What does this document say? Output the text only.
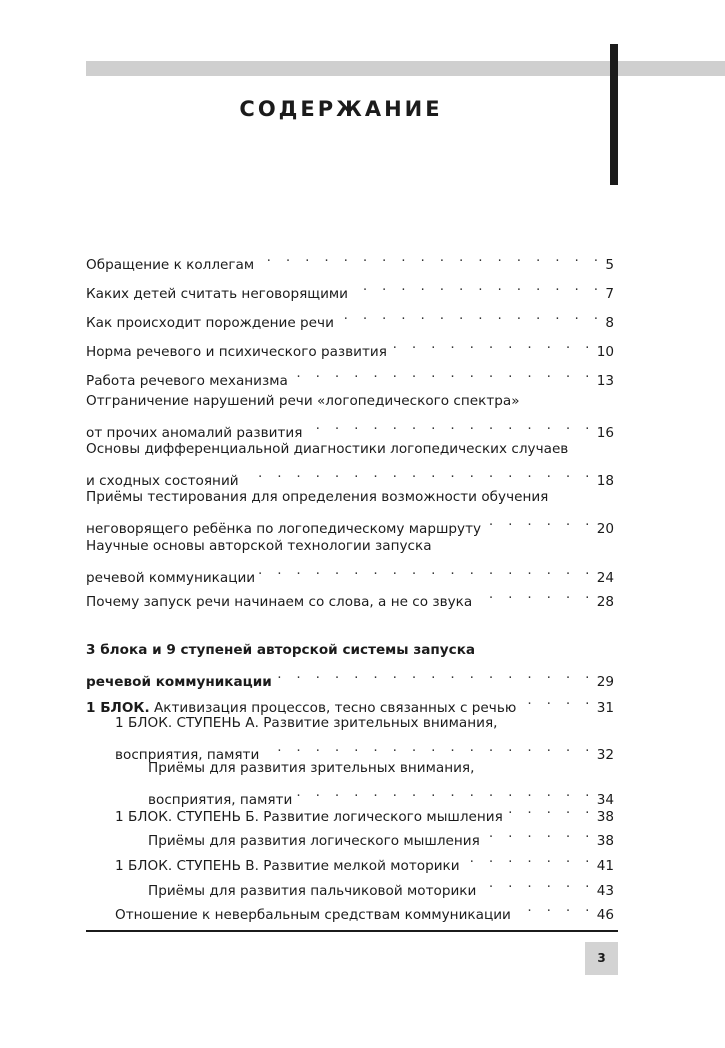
СОДЕРЖАНИЕ
Обращение к коллегам . . .	5
Каких детей считать неговорящими . . .	7
Как происходит порождение речи . . .	8
Норма речевого и психического развития . . .	10
Работа речевого механизма . . .	13
Отграничение нарушений речи «логопедического спектра»
от прочих аномалий развития . . .	16
Основы дифференциальной диагностики логопедических случаев
и сходных состояний . . .	18
Приёмы тестирования для определения возможности обучения
неговорящего ребёнка по логопедическому маршруту . . .	20
Научные основы авторской технологии запуска
речевой коммуникации . . .	24
Почему запуск речи начинаем со слова, а не со звука . . .	28
3 блока и 9 ступеней авторской системы запуска
речевой коммуникации . . .	29
1 БЛОК. Активизация процессов, тесно связанных с речью . . .	31
1 БЛОК. СТУПЕНЬ А. Развитие зрительных внимания,
восприятия, памяти . . .	32
Приёмы для развития зрительных внимания,
восприятия, памяти . . .	34
1 БЛОК. СТУПЕНЬ Б. Развитие логического мышления . . .	38
Приёмы для развития логического мышления . . .	38
1 БЛОК. СТУПЕНЬ В. Развитие мелкой моторики . . .	41
Приёмы для развития пальчиковой моторики . . .	43
Отношение к невербальным средствам коммуникации . . .	46
3
